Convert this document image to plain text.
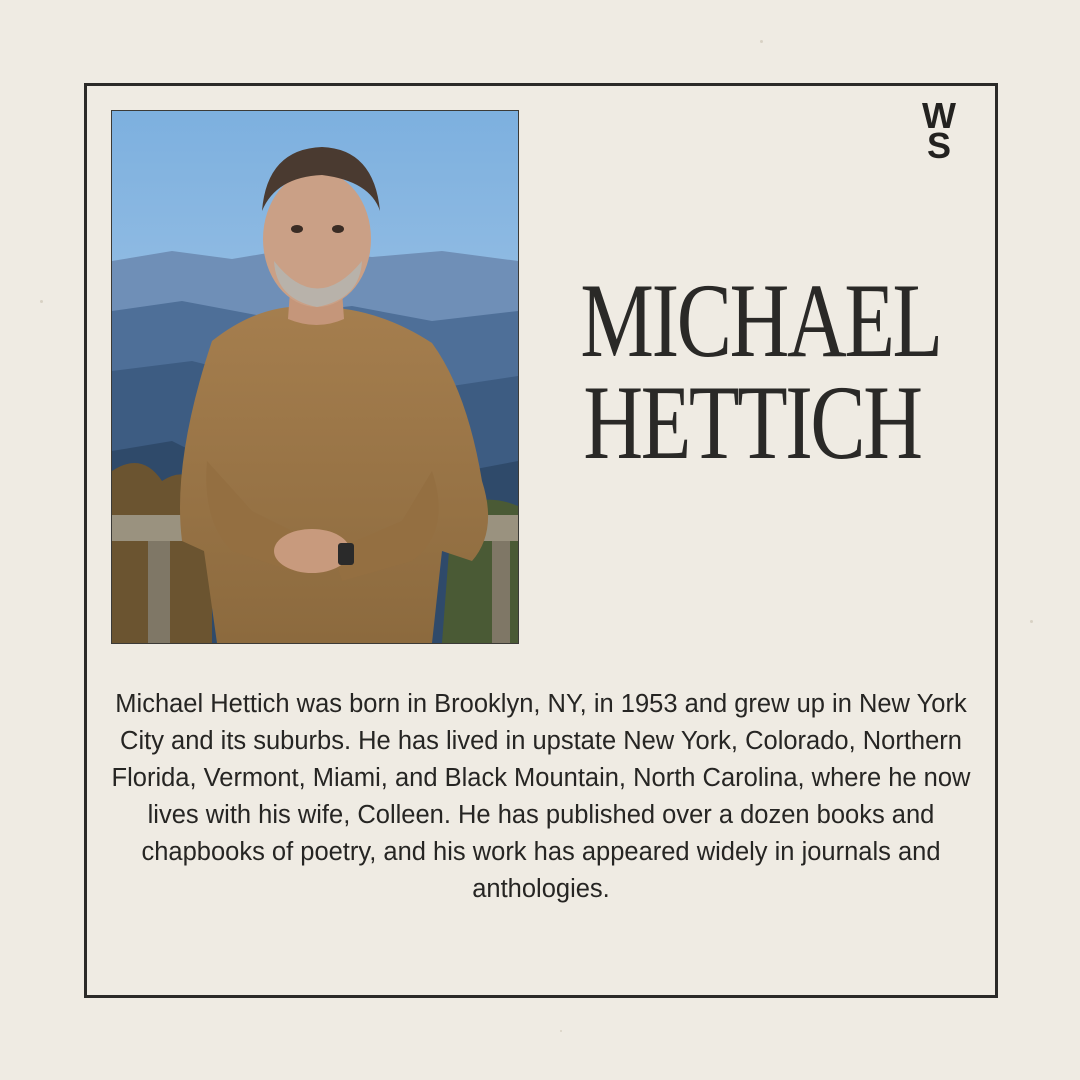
W
S
MICHAEL
HETTICH
Michael Hettich was born in Brooklyn, NY, in 1953 and grew up in New York City and its suburbs. He has lived in upstate New York, Colorado, Northern Florida, Vermont, Miami, and Black Mountain, North Carolina, where he now lives with his wife, Colleen. He has published over a dozen books and chapbooks of poetry, and his work has appeared widely in journals and anthologies.
